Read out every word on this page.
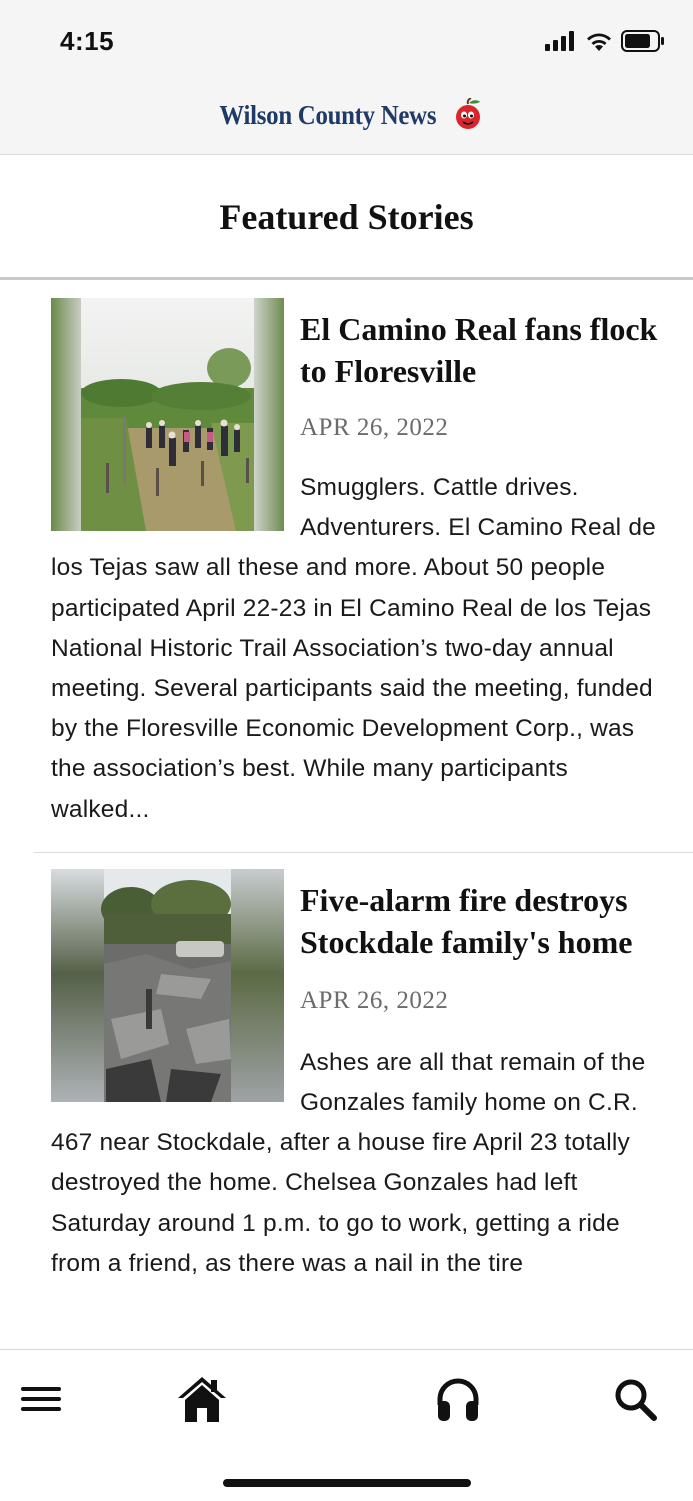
4:15
Wilson County News
Featured Stories
El Camino Real fans flock to Floresville
APR 26, 2022

Smugglers. Cattle drives. Adventurers. El Camino Real de los Tejas saw all these and more. About 50 people participated April 22-23 in El Camino Real de los Tejas National Historic Trail Association’s two-day annual meeting. Several participants said the meeting, funded by the Floresville Economic Development Corp., was the association’s best. While many participants walked...

Five-alarm fire destroys Stockdale family's home
APR 26, 2022

Ashes are all that remain of the Gonzales family home on C.R. 467 near Stockdale, after a house fire April 23 totally destroyed the home. Chelsea Gonzales had left Saturday around 1 p.m. to go to work, getting a ride from a friend, as there was a nail in the tire
